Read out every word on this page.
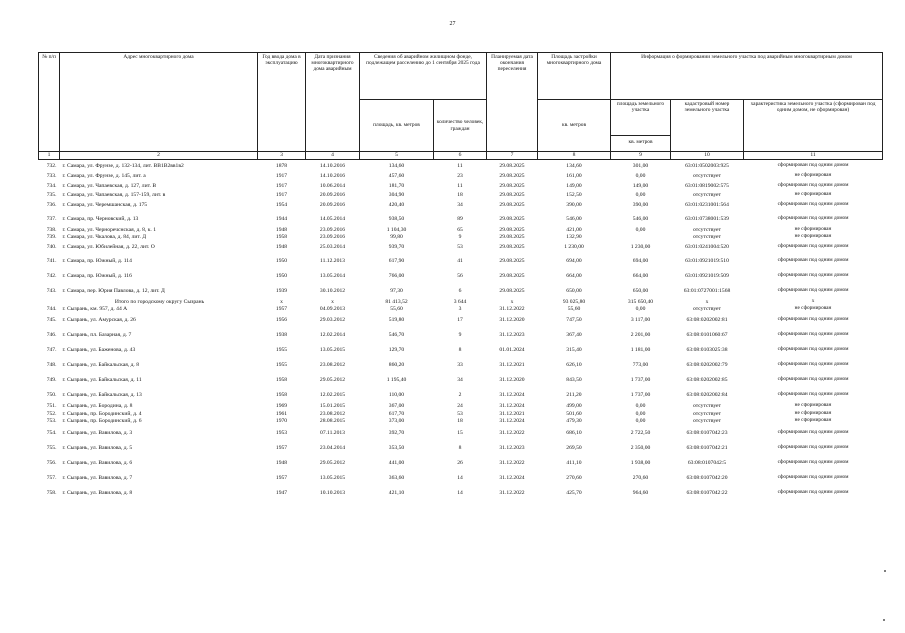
27
№ п/п	Адрес многоквартирного дома	Год ввода дома в эксплуатацию	Дата признания многоквартирного дома аварийным	Сведения об аварийном жилищном фонде, подлежащем расселению до 1 сентября 2025 года		Планируемая дата окончания переселения	Площадь застройки многоквартирного дома	Информация о формировании земельного участка под аварийным многоквартирным домом		
				площадь, кв. метров	количество человек, граждан		кв. метров	площадь земельного участка
кв. метров	кадастровый номер земельного участка	характеристика земельного участка (сформирован под одним домом, не сформирован)
1	2	3	4	5	6	7	8	9	10	11
732.	г. Самара, ул. Фрунзе, д. 132-134, лит. ВВ1В2вв1в2	1878	14.10.2016	134,60	11	29.08.2025	134,60	301,00	63:01:0502003:925	сформирован под одним домом
733.	г. Самара, ул. Фрунзе, д. 145, лит. а	1917	14.10.2016	457,60	23	29.08.2025	161,00	0,00	отсутствует	не сформирован
734.	г. Самара, ул. Чапаевская, д. 127, лит. В	1917	10.06.2014	181,70	11	29.08.2025	149,00	149,00	63:01:0819002:575	сформирован под одним домом
735.	г. Самара, ул. Чапаевская, д. 157-159, лит. в	1917	20.09.2016	304,90	18	29.08.2025	152,50	0,00	отсутствует	не сформирован
736.	г. Самара, ул. Черемшанская, д. 175	1954	20.09.2016	420,40	34	29.08.2025	390,00	390,00	63:01:0231001:564	сформирован под одним домом
737.	г. Самара, пр. Черновский, д. 13	1944	14.05.2014	938,50	89	29.08.2025	546,00	546,00	63:01:0738001:539	сформирован под одним домом
738.	г. Самара, ул. Черноречснская, д. 8, к. 1	1948	23.09.2016	1 104,30	65	29.08.2025	421,00	0,00	отсутствует	не сформирован
739.	г. Самара, ул. Чкалова, д. 84, лит. Д	1958	23.09.2016	99,80	9	29.08.2025	132,90		отсутствует	не сформирован
740.	г. Самара, ул. Юбилейная, д. 22, лит. О	1948	25.03.2014	939,70	53	29.08.2025	1 230,00	1 230,00	63:01:0241004:520	сформирован под одним домом
741.	г. Самара, пр. Южный, д. 114	1950	11.12.2013	617,90	41	29.08.2025	694,00	694,00	63:01:0921019:510	сформирован под одним домом
742.	г. Самара, пр. Южный, д. 116	1950	13.05.2014	766,00	56	29.08.2025	664,00	664,00	63:01:0921019:509	сформирован под одним домом
743.	г. Самара, пер. Юрия Павлова, д. 12, лит. Д	1939	30.10.2012	97,30	6	29.08.2025	650,00	650,00	63:01:0727001:1568	сформирован под одним домом
	Итого по городскому округу Сызрань	x	x	81 413,52	3 644	x	93 025,80	315 650,40	x	x
744.	г. Сызрань, км. 957, д. 44 А	1957	04.09.2013	55,60	3	31.12.2022	55,60	0,00	отсутствует	не сформирован
745.	г. Сызрань, ул. Амурская, д. 26	1956	29.03.2012	519,80	17	31.12.2020	747,50	3 117,00	63:08:0202002:81	сформирован под одним домом
746.	г. Сызрань, пл. Базарная, д. 7	1938	12.02.2014	546,70	9	31.12.2023	367,40	2 201,00	63:08:0101060:67	сформирован под одним домом
747.	г. Сызрань, ул. Баженова, д. 43	1955	13.05.2015	129,70	8	01.01.2024	315,40	1 181,00	63:08:0103025:38	сформирован под одним домом
748.	г. Сызрань, ул. Байкальская, д. 8	1955	23.08.2012	860,20	33	31.12.2021	626,10	773,00	63:08:0202002:79	сформирован под одним домом
749.	г. Сызрань, ул. Байкальская, д. 11	1958	29.05.2012	1 195,40	34	31.12.2020	843,50	1 737,00	63:08:0202002:85	сформирован под одним домом
750.	г. Сызрань, ул. Байкальская, д. 13	1958	12.02.2015	110,00	2	31.12.2024	211,20	1 737,00	63:08:0202002:84	сформирован под одним домом
751.	г. Сызрань, ул. Бородина, д. 8	1969	15.01.2015	367,00	24	31.12.2024	499,00	0,00	отсутствует	не сформирован
752.	г. Сызрань, пр. Бородинский, д. 4	1961	23.08.2012	617,70	53	31.12.2021	501,60	0,00	отсутствует	не сформирован
753.	г. Сызрань, пр. Бородинский, д. 6	1970	28.08.2015	373,00	18	31.12.2024	479,30	0,00	отсутствует	не сформирован
754.	г. Сызрань, ул. Вавилова, д. 3	1953	07.11.2013	392,70	15	31.12.2022	686,10	2 722,50	63:08:0107042:23	сформирован под одним домом
755.	г. Сызрань, ул. Вавилова, д. 5	1957	23.04.2014	353,50	8	31.12.2023	269,50	2 350,00	63:08:0107042:21	сформирован под одним домом
756.	г. Сызрань, ул. Вавилова, д. 6	1948	29.05.2012	441,00	26	31.12.2022	411,10	1 938,00	63:08:0107042:5	сформирован под одним домом
757.	г. Сызрань, ул. Вавилова, д. 7	1957	13.05.2015	363,60	14	31.12.2024	270,60	270,60	63:08:0107042:20	сформирован под одним домом
758.	г. Сызрань, ул. Вавилова, д. 8	1947	10.10.2013	421,10	14	31.12.2022	425,70	964,60	63:08:0107042:22	сформирован под одним домом
